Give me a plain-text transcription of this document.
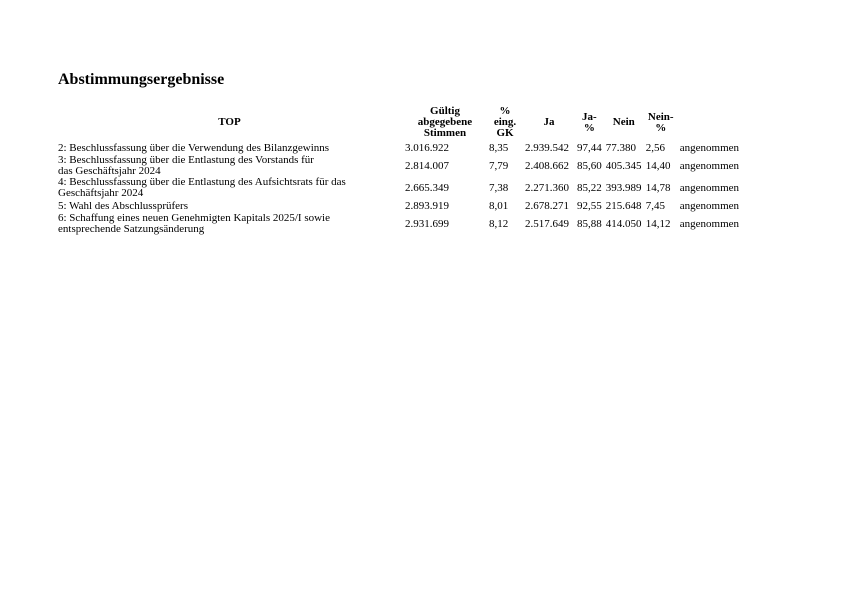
Abstimmungsergebnisse
TOP	Gültig
abgegebene
Stimmen	%
eing.
GK	Ja	Ja-
%	Nein	Nein-
%	
2: Beschlussfassung über die Verwendung des Bilanzgewinns	3.016.922	8,35	2.939.542	97,44	77.380	2,56	angenommen
3: Beschlussfassung über die Entlastung des Vorstands für
das Geschäftsjahr 2024	2.814.007	7,79	2.408.662	85,60	405.345	14,40	angenommen
4: Beschlussfassung über die Entlastung des Aufsichtsrats für das
Geschäftsjahr 2024	2.665.349	7,38	2.271.360	85,22	393.989	14,78	angenommen
5: Wahl des Abschlussprüfers	2.893.919	8,01	2.678.271	92,55	215.648	7,45	angenommen
6: Schaffung eines neuen Genehmigten Kapitals 2025/I sowie
entsprechende Satzungsänderung	2.931.699	8,12	2.517.649	85,88	414.050	14,12	angenommen
